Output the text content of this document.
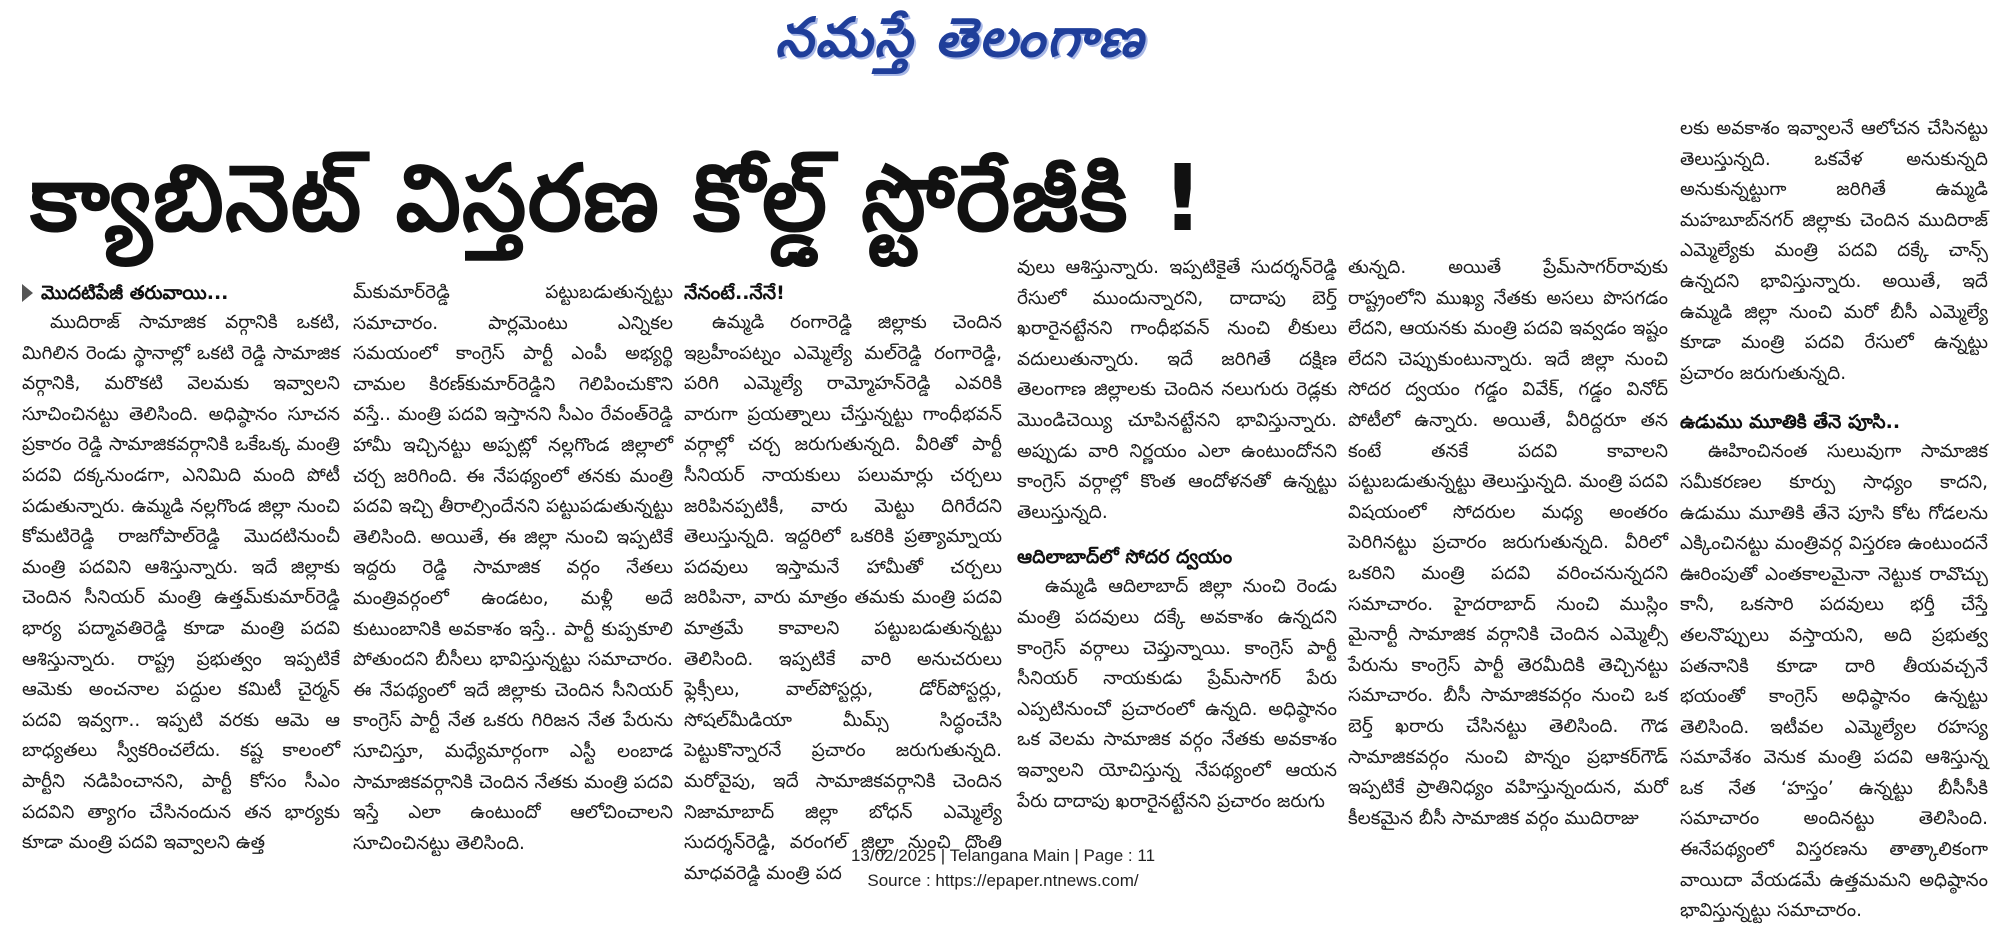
నమస్తే తెలంగాణ
క్యాబినెట్ విస్తరణ కోల్డ్ స్టోరేజీకి !
మొదటిపేజీ తరువాయి...

ముదిరాజ్ సామాజిక వర్గానికి ఒకటి, మిగిలిన రెండు స్థానాల్లో ఒకటి రెడ్డి సామాజిక వర్గానికి, మరొకటి వెలమకు ఇవ్వాలని సూచించినట్టు తెలిసింది. అధిష్ఠానం సూచన ప్రకారం రెడ్డి సామాజికవర్గానికి ఒకేఒక్క మంత్రి పదవి దక్కనుండగా, ఎనిమిది మంది పోటీ పడుతున్నారు. ఉమ్మడి నల్లగొండ జిల్లా నుంచి కోమటిరెడ్డి రాజగోపాల్‌రెడ్డి మొదటినుంచీ మంత్రి పదవిని ఆశిస్తున్నారు. ఇదే జిల్లాకు చెందిన సీనియర్ మంత్రి ఉత్తమ్‌కుమార్‌రెడ్డి భార్య పద్మావతిరెడ్డి కూడా మంత్రి పదవి ఆశిస్తున్నారు. రాష్ట్ర ప్రభుత్వం ఇప్పటికే ఆమెకు అంచనాల పద్దుల కమిటీ చైర్మన్ పదవి ఇవ్వగా.. ఇప్పటి వరకు ఆమె ఆ బాధ్యతలు స్వీకరించలేదు. కష్ట కాలంలో పార్టీని నడిపించానని, పార్టీ కోసం సీఎం పదవిని త్యాగం చేసినందున తన భార్యకు కూడా మంత్రి పదవి ఇవ్వాలని ఉత్త

మ్‌కుమార్‌రెడ్డి పట్టుబడుతున్నట్టు సమాచారం. పార్లమెంటు ఎన్నికల సమయంలో కాంగ్రెస్ పార్టీ ఎంపీ అభ్యర్థి చామల కిరణ్‌కుమార్‌రెడ్డిని గెలిపించుకొని వస్తే.. మంత్రి పదవి ఇస్తానని సీఎం రేవంత్‌రెడ్డి హామీ ఇచ్చినట్టు అప్పట్లో నల్లగొండ జిల్లాలో చర్చ జరిగింది. ఈ నేపథ్యంలో తనకు మంత్రి పదవి ఇచ్చి తీరాల్సిందేనని పట్టుపడుతున్నట్టు తెలిసింది. అయితే, ఈ జిల్లా నుంచి ఇప్పటికే ఇద్దరు రెడ్డి సామాజిక వర్గం నేతలు మంత్రివర్గంలో ఉండటం, మళ్లీ అదే కుటుంబానికి అవకాశం ఇస్తే.. పార్టీ కుప్పకూలి పోతుందని బీసీలు భావిస్తున్నట్టు సమాచారం. ఈ నేపథ్యంలో ఇదే జిల్లాకు చెందిన సీనియర్ కాంగ్రెస్ పార్టీ నేత ఒకరు గిరిజన నేత పేరును సూచిస్తూ, మధ్యేమార్గంగా ఎస్టీ లంబాడ సామాజికవర్గానికి చెందిన నేతకు మంత్రి పదవి ఇస్తే ఎలా ఉంటుందో ఆలోచించాలని సూచించినట్టు తెలిసింది.

నేనంటే..నేనే!

ఉమ్మడి రంగారెడ్డి జిల్లాకు చెందిన ఇబ్రహీంపట్నం ఎమ్మెల్యే మల్‌రెడ్డి రంగారెడ్డి, పరిగి ఎమ్మెల్యే రామ్మోహన్‌రెడ్డి ఎవరికి వారుగా ప్రయత్నాలు చేస్తున్నట్టు గాంధీభవన్ వర్గాల్లో చర్చ జరుగుతున్నది. వీరితో పార్టీ సీనియర్ నాయకులు పలుమార్లు చర్చలు జరిపినప్పటికీ, వారు మెట్టు దిగిరేదని తెలుస్తున్నది. ఇద్దరిలో ఒకరికి ప్రత్యామ్నాయ పదవులు ఇస్తామనే హామీతో చర్చలు జరిపినా, వారు మాత్రం తమకు మంత్రి పదవి మాత్రమే కావాలని పట్టుబడుతున్నట్టు తెలిసింది. ఇప్పటికే వారి అనుచరులు ఫ్లెక్సీలు, వాల్‌పోస్టర్లు, డోర్‌పోస్టర్లు, సోషల్‌మీడియా మీమ్స్ సిద్ధంచేసి పెట్టుకొన్నారనే ప్రచారం జరుగుతున్నది. మరోవైపు, ఇదే సామాజికవర్గానికి చెందిన నిజామాబాద్ జిల్లా బోధన్ ఎమ్మెల్యే సుదర్శన్‌రెడ్డి, వరంగల్ జిల్లా నుంచి దొంతి మాధవరెడ్డి మంత్రి పద

వులు ఆశిస్తున్నారు. ఇప్పటికైతే సుదర్శన్‌రెడ్డి రేసులో ముందున్నారని, దాదాపు బెర్త్ ఖరారైనట్టేనని గాంధీభవన్ నుంచి లీకులు వదులుతున్నారు. ఇదే జరిగితే దక్షిణ తెలంగాణ జిల్లాలకు చెందిన నలుగురు రెడ్లకు మొండిచెయ్యి చూపినట్టేనని భావిస్తున్నారు. అప్పుడు వారి నిర్ణయం ఎలా ఉంటుందోనని కాంగ్రెస్ వర్గాల్లో కొంత ఆందోళనతో ఉన్నట్టు తెలుస్తున్నది.

ఆదిలాబాద్‌లో సోదర ద్వయం

ఉమ్మడి ఆదిలాబాద్ జిల్లా నుంచి రెండు మంత్రి పదవులు దక్కే అవకాశం ఉన్నదని కాంగ్రెస్ వర్గాలు చెప్తున్నాయి. కాంగ్రెస్ పార్టీ సీనియర్ నాయకుడు ప్రేమ్‌సాగర్ పేరు ఎప్పటినుంచో ప్రచారంలో ఉన్నది. అధిష్ఠానం ఒక వెలమ సామాజిక వర్గం నేతకు అవకాశం ఇవ్వాలని యోచిస్తున్న నేపథ్యంలో ఆయన పేరు దాదాపు ఖరారైనట్టేనని ప్రచారం జరుగు

తున్నది. అయితే ప్రేమ్‌సాగర్‌రావుకు రాష్ట్రంలోని ముఖ్య నేతకు అసలు పొసగడం లేదని, ఆయనకు మంత్రి పదవి ఇవ్వడం ఇష్టం లేదని చెప్పుకుంటున్నారు. ఇదే జిల్లా నుంచి సోదర ద్వయం గడ్డం వివేక్, గడ్డం వినోద్ పోటీలో ఉన్నారు. అయితే, వీరిద్దరూ తన కంటే తనకే పదవి కావాలని పట్టుబడుతున్నట్టు తెలుస్తున్నది. మంత్రి పదవి విషయంలో సోదరుల మధ్య అంతరం పెరిగినట్టు ప్రచారం జరుగుతున్నది. వీరిలో ఒకరిని మంత్రి పదవి వరించనున్నదని సమాచారం. హైదరాబాద్ నుంచి ముస్లిం మైనార్టీ సామాజిక వర్గానికి చెందిన ఎమ్మెల్సీ పేరును కాంగ్రెస్ పార్టీ తెరమీదికి తెచ్చినట్టు సమాచారం. బీసీ సామాజికవర్గం నుంచి ఒక బెర్త్ ఖరారు చేసినట్టు తెలిసింది. గౌడ సామాజికవర్గం నుంచి పొన్నం ప్రభాకర్‌గౌడ్ ఇప్పటికే ప్రాతినిధ్యం వహిస్తున్నందున, మరో కీలకమైన బీసీ సామాజిక వర్గం ముదిరాజు

లకు అవకాశం ఇవ్వాలనే ఆలోచన చేసినట్టు తెలుస్తున్నది. ఒకవేళ అనుకున్నది అనుకున్నట్టుగా జరిగితే ఉమ్మడి మహబూబ్‌నగర్ జిల్లాకు చెందిన ముదిరాజ్ ఎమ్మెల్యేకు మంత్రి పదవి దక్కే చాన్స్ ఉన్నదని భావిస్తున్నారు. అయితే, ఇదే ఉమ్మడి జిల్లా నుంచి మరో బీసీ ఎమ్మెల్యే కూడా మంత్రి పదవి రేసులో ఉన్నట్టు ప్రచారం జరుగుతున్నది.

ఉడుము మూతికి తేనె పూసి..

ఊహించినంత సులువుగా సామాజిక సమీకరణల కూర్పు సాధ్యం కాదని, ఉడుము మూతికి తేనె పూసి కోట గోడలను ఎక్కించినట్టు మంత్రివర్గ విస్తరణ ఉంటుందనే ఊరింపుతో ఎంతకాలమైనా నెట్టుక రావొచ్చు కానీ, ఒకసారి పదవులు భర్తీ చేస్తే తలనొప్పులు వస్తాయని, అది ప్రభుత్వ పతనానికి కూడా దారి తీయవచ్చనే భయంతో కాంగ్రెస్ అధిష్ఠానం ఉన్నట్టు తెలిసింది. ఇటీవల ఎమ్మెల్యేల రహస్య సమావేశం వెనుక మంత్రి పదవి ఆశిస్తున్న ఒక నేత ‘హస్తం’ ఉన్నట్టు బీసీసీకి సమాచారం అందినట్టు తెలిసింది. ఈనేపథ్యంలో విస్తరణను తాత్కాలికంగా వాయిదా వేయడమే ఉత్తమమని అధిష్ఠానం భావిస్తున్నట్టు సమాచారం.

13/02/2025 | Telangana Main | Page : 11
Source : https://epaper.ntnews.com/
